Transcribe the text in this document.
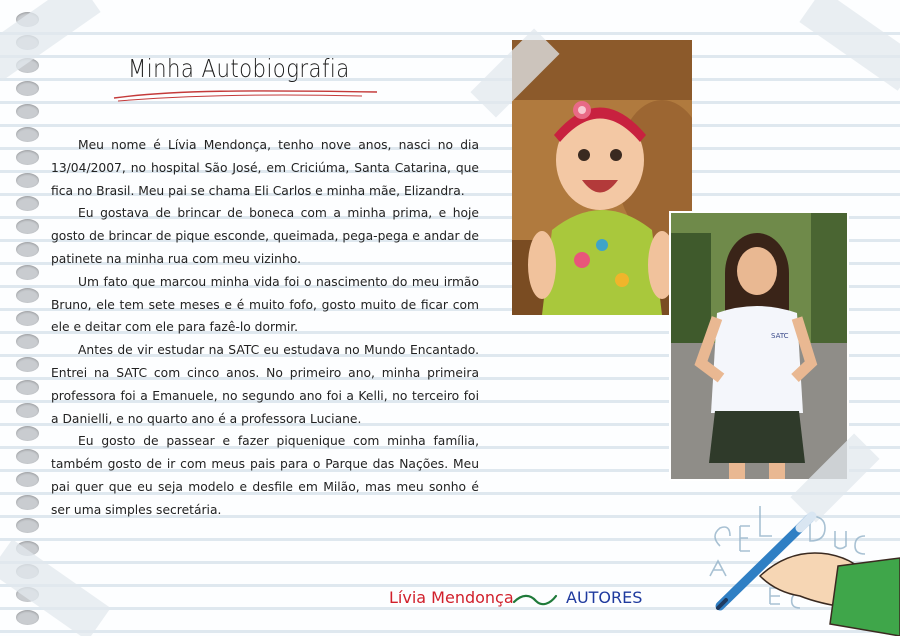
Minha Autobiografia

Meu nome é Lívia Mendonça, tenho nove anos, nasci no dia 13/04/2007, no hospital São José, em Criciúma, Santa Catarina, que fica no Brasil. Meu pai se chama Eli Carlos e minha mãe, Elizandra.

Eu gostava de brincar de boneca com a minha prima, e hoje gosto de brincar de pique esconde, queimada, pega-pega e andar de patinete na minha rua com meu vizinho.

Um fato que marcou minha vida foi o nascimento do meu irmão Bruno, ele tem sete meses e é muito fofo, gosto muito de ficar com ele e deitar com ele para fazê-lo dormir.

Antes de vir estudar na SATC eu estudava no Mundo Encantado. Entrei na SATC com cinco anos. No primeiro ano, minha primeira professora foi a Emanuele, no segundo ano foi a Kelli, no terceiro foi a Danielli, e no quarto ano é a professora Luciane.

Eu gosto de passear e fazer piquenique com minha família, também gosto de ir com meus pais para o Parque das Nações. Meu pai quer que eu seja modelo e desfile em Milão, mas meu sonho é ser uma simples secretária.

SATC
Lívia Mendonça	AUTORES
